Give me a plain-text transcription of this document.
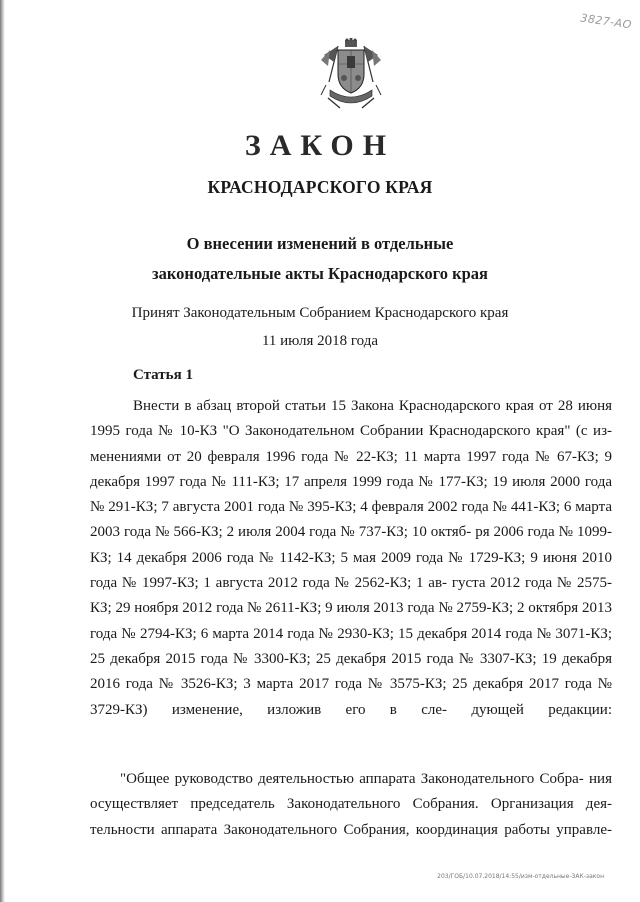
3827-АО
ЗАКОН
КРАСНОДАРСКОГО КРАЯ
О внесении изменений в отдельные
законодательные акты Краснодарского края
Принят Законодательным Собранием Краснодарского края
11 июля 2018 года
Статья 1

Внести в абзац второй статьи 15 Закона Краснодарского края от 28 июня 1995 года № 10-КЗ "О Законодательном Собрании Краснодарского края" (с из- менениями от 20 февраля 1996 года № 22-КЗ; 11 марта 1997 года № 67-КЗ; 9 декабря 1997 года № 111-КЗ; 17 апреля 1999 года № 177-КЗ; 19 июля 2000 года № 291-КЗ; 7 августа 2001 года № 395-КЗ; 4 февраля 2002 года № 441-КЗ; 6 марта 2003 года № 566-КЗ; 2 июля 2004 года № 737-КЗ; 10 октяб- ря 2006 года № 1099-КЗ; 14 декабря 2006 года № 1142-КЗ; 5 мая 2009 года № 1729-КЗ; 9 июня 2010 года № 1997-КЗ; 1 августа 2012 года № 2562-КЗ; 1 ав- густа 2012 года № 2575-КЗ; 29 ноября 2012 года № 2611-КЗ; 9 июля 2013 года № 2759-КЗ; 2 октября 2013 года № 2794-КЗ; 6 марта 2014 года № 2930-КЗ; 15 декабря 2014 года № 3071-КЗ; 25 декабря 2015 года № 3300-КЗ; 25 декабря 2015 года № 3307-КЗ; 19 декабря 2016 года № 3526-КЗ; 3 марта 2017 года № 3575-КЗ; 25 декабря 2017 года № 3729-КЗ) изменение, изложив его в сле- дующей редакции:

"Общее руководство деятельностью аппарата Законодательного Собра- ния осуществляет председатель Законодательного Собрания. Организация дея- тельности аппарата Законодательного Собрания, координация работы управле-

203/ГОБ/10.07.2018/14:55/изм-отдельные-ЗАК-закон
